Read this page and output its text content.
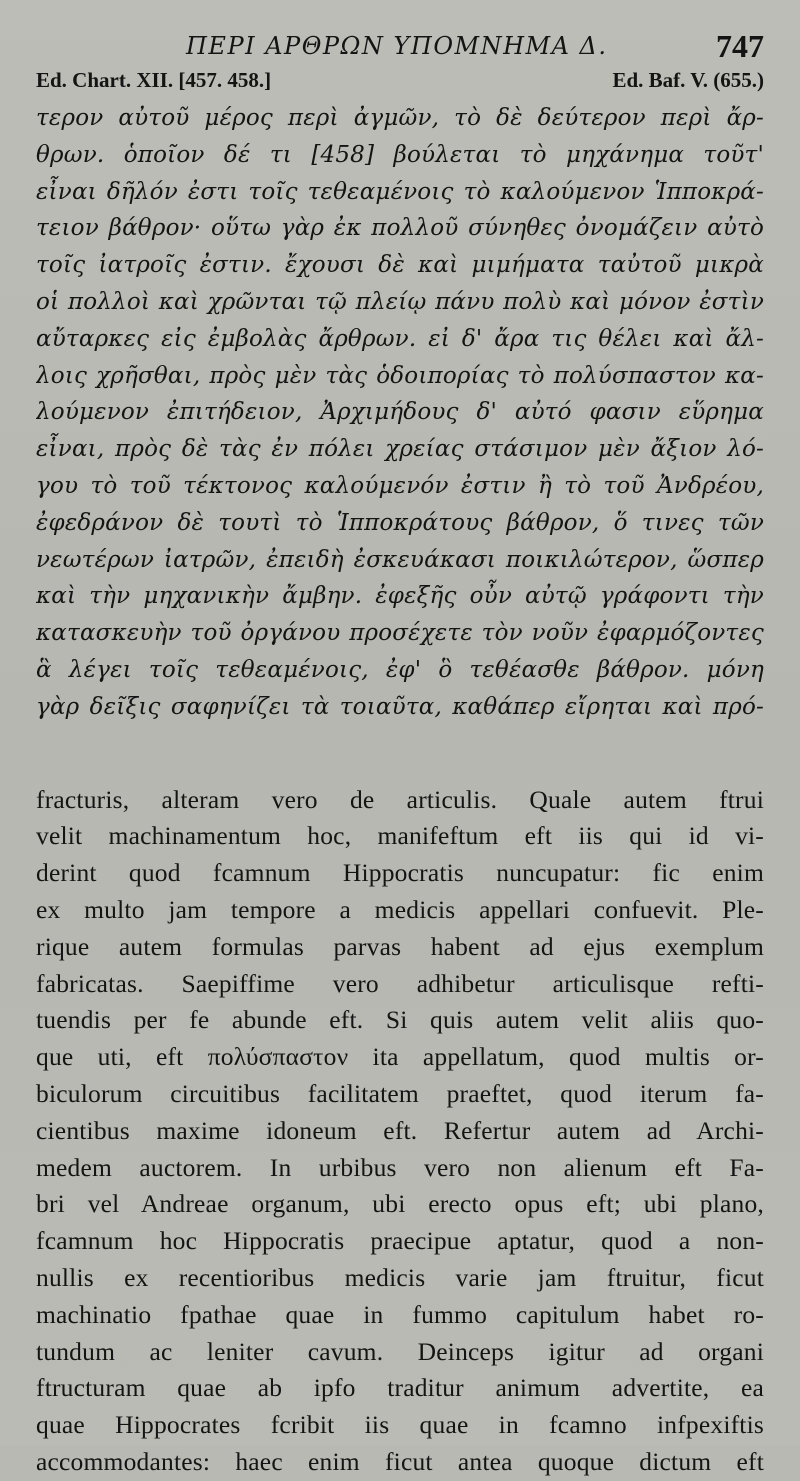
ΠΕΡΙ ΑΡΘΡΩΝ ΥΠΟΜΝΗΜΑ Δ.	747
Ed. Chart. XII. [457. 458.]	Ed. Baf. V. (655.)
τερον αὐτοῦ μέρος περὶ ἀγμῶν, τὸ δὲ δεύτερον περὶ ἄρ-
θρων. ὁποῖον δέ τι [458] βούλεται τὸ μηχάνημα τοῦτ'
εἶναι δῆλόν ἐστι τοῖς τεθεαμένοις τὸ καλούμενον Ἱπποκρά-
τειον βάθρον· οὕτω γὰρ ἐκ πολλοῦ σύνηθες ὀνομάζειν αὐτὸ
τοῖς ἰατροῖς ἐστιν. ἔχουσι δὲ καὶ μιμήματα ταὐτοῦ μικρὰ
οἱ πολλοὶ καὶ χρῶνται τῷ πλείῳ πάνυ πολὺ καὶ μόνον ἐστὶν
αὔταρκες εἰς ἐμβολὰς ἄρθρων. εἰ δ' ἄρα τις θέλει καὶ ἄλ-
λοις χρῆσθαι, πρὸς μὲν τὰς ὁδοιπορίας τὸ πολύσπαστον κα-
λούμενον ἐπιτήδειον, Ἀρχιμήδους δ' αὐτό φασιν εὕρημα
εἶναι, πρὸς δὲ τὰς ἐν πόλει χρείας στάσιμον μὲν ἄξιον λό-
γου τὸ τοῦ τέκτονος καλούμενόν ἐστιν ἢ τὸ τοῦ Ἀνδρέου,
ἐφεδράνον δὲ τουτὶ τὸ Ἱπποκράτους βάθρον, ὅ τινες τῶν
νεωτέρων ἰατρῶν, ἐπειδὴ ἐσκευάκασι ποικιλώτερον, ὥσπερ
καὶ τὴν μηχανικὴν ἄμβην. ἐφεξῆς οὖν αὐτῷ γράφοντι τὴν
κατασκευὴν τοῦ ὀργάνου προσέχετε τὸν νοῦν ἐφαρμόζοντες
ἃ λέγει τοῖς τεθεαμένοις, ἐφ' ὃ τεθέασθε βάθρον. μόνη
γὰρ δεῖξις σαφηνίζει τὰ τοιαῦτα, καθάπερ εἴρηται καὶ πρό-
fracturis, alteram vero de articulis. Quale autem ftrui
velit machinamentum hoc, manifeftum eft iis qui id vi-
derint quod fcamnum Hippocratis nuncupatur: fic enim
ex multo jam tempore a medicis appellari confuevit. Ple-
rique autem formulas parvas habent ad ejus exemplum
fabricatas. Saepiffime vero adhibetur articulisque refti-
tuendis per fe abunde eft. Si quis autem velit aliis quo-
que uti, eft πολύσπαστον ita appellatum, quod multis or-
biculorum circuitibus facilitatem praeftet, quod iterum fa-
cientibus maxime idoneum eft. Refertur autem ad Archi-
medem auctorem. In urbibus vero non alienum eft Fa-
bri vel Andreae organum, ubi erecto opus eft; ubi plano,
fcamnum hoc Hippocratis praecipue aptatur, quod a non-
nullis ex recentioribus medicis varie jam ftruitur, ficut
machinatio fpathae quae in fummo capitulum habet ro-
tundum ac leniter cavum. Deinceps igitur ad organi
ftructuram quae ab ipfo traditur animum advertite, ea
quae Hippocrates fcribit iis quae in fcamno infpexiftis
accommodantes: haec enim ficut antea quoque dictum eft
